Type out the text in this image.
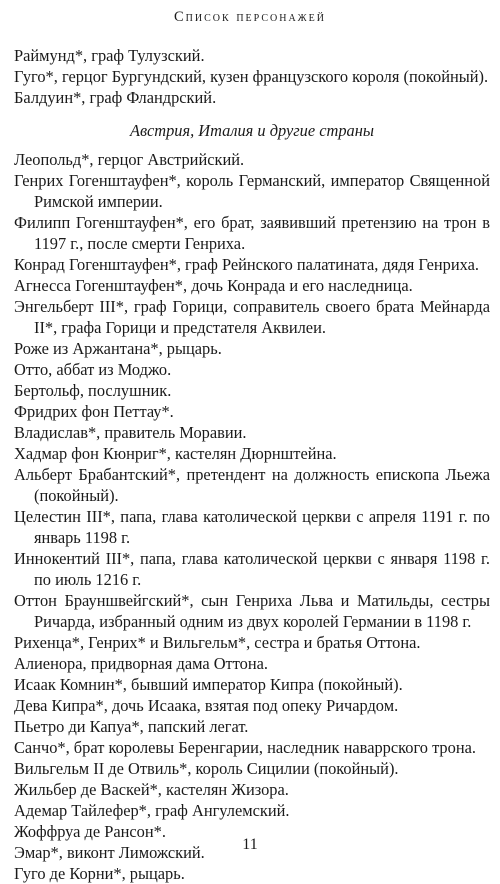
Список персонажей

Раймунд*, граф Тулузский.

Гуго*, герцог Бургундский, кузен французского короля (покойный).

Балдуин*, граф Фландрский.

Австрия, Италия и другие страны

Леопольд*, герцог Австрийский.

Генрих Гогенштауфен*, король Германский, император Священной Римской империи.

Филипп Гогенштауфен*, его брат, заявивший претензию на трон в 1197 г., после смерти Генриха.

Конрад Гогенштауфен*, граф Рейнского палатината, дядя Генриха.

Агнесса Гогенштауфен*, дочь Конрада и его наследница.

Энгельберт III*, граф Горици, соправитель своего брата Мейнарда II*, графа Горици и предстателя Аквилеи.

Роже из Аржантана*, рыцарь.

Отто, аббат из Моджо.

Бертольф, послушник.

Фридрих фон Петтау*.

Владислав*, правитель Моравии.

Хадмар фон Кюнриг*, кастелян Дюрнштейна.

Альберт Брабантский*, претендент на должность епископа Льежа (покойный).

Целестин III*, папа, глава католической церкви с апреля 1191 г. по январь 1198 г.

Иннокентий III*, папа, глава католической церкви с января 1198 г. по июль 1216 г.

Оттон Брауншвейгский*, сын Генриха Льва и Матильды, сестры Ричарда, избранный одним из двух королей Германии в 1198 г.

Рихенца*, Генрих* и Вильгельм*, сестра и братья Оттона.

Алиенора, придворная дама Оттона.

Исаак Комнин*, бывший император Кипра (покойный).

Дева Кипра*, дочь Исаака, взятая под опеку Ричардом.

Пьетро ди Капуа*, папский легат.

Санчо*, брат королевы Беренгарии, наследник наваррского трона.

Вильгельм II де Отвиль*, король Сицилии (покойный).

Жильбер де Васкей*, кастелян Жизора.

Адемар Тайлефер*, граф Ангулемский.

Жоффруа де Рансон*.

Эмар*, виконт Лиможский.

Гуго де Корни*, рыцарь.

11
